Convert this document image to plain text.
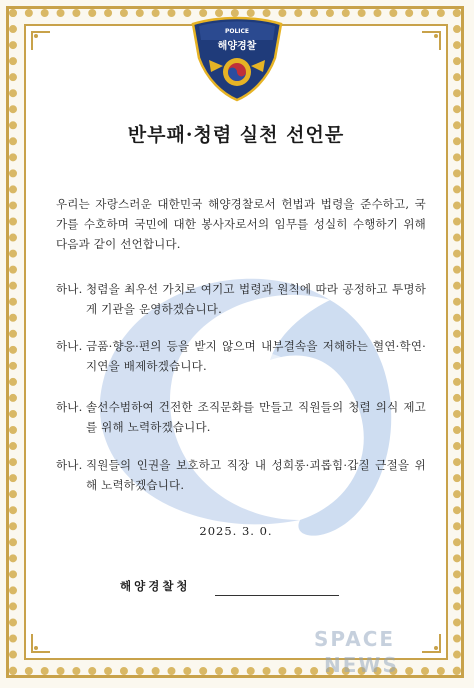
POLICE
해양경찰
반부패·청렴 실천 선언문
우리는 자랑스러운 대한민국 해양경찰로서 헌법과 법령을 준수하고, 국가를 수호하며 국민에 대한 봉사자로서의 임무를 성실히 수행하기 위해 다음과 같이 선언합니다.
하나. 청렴을 최우선 가치로 여기고 법령과 원칙에 따라 공정하고 투명하게 기관을 운영하겠습니다.
하나. 금품·향응·편의 등을 받지 않으며 내부결속을 저해하는 혈연·학연·지연을 배제하겠습니다.
하나. 솔선수범하여 건전한 조직문화를 만들고 직원들의 청렴 의식 제고를 위해 노력하겠습니다.
하나. 직원들의 인권을 보호하고 직장 내 성희롱·괴롭힘·갑질 근절을 위해 노력하겠습니다.
2025. 3. 0.
해양경찰청
SPACE
NEWS
